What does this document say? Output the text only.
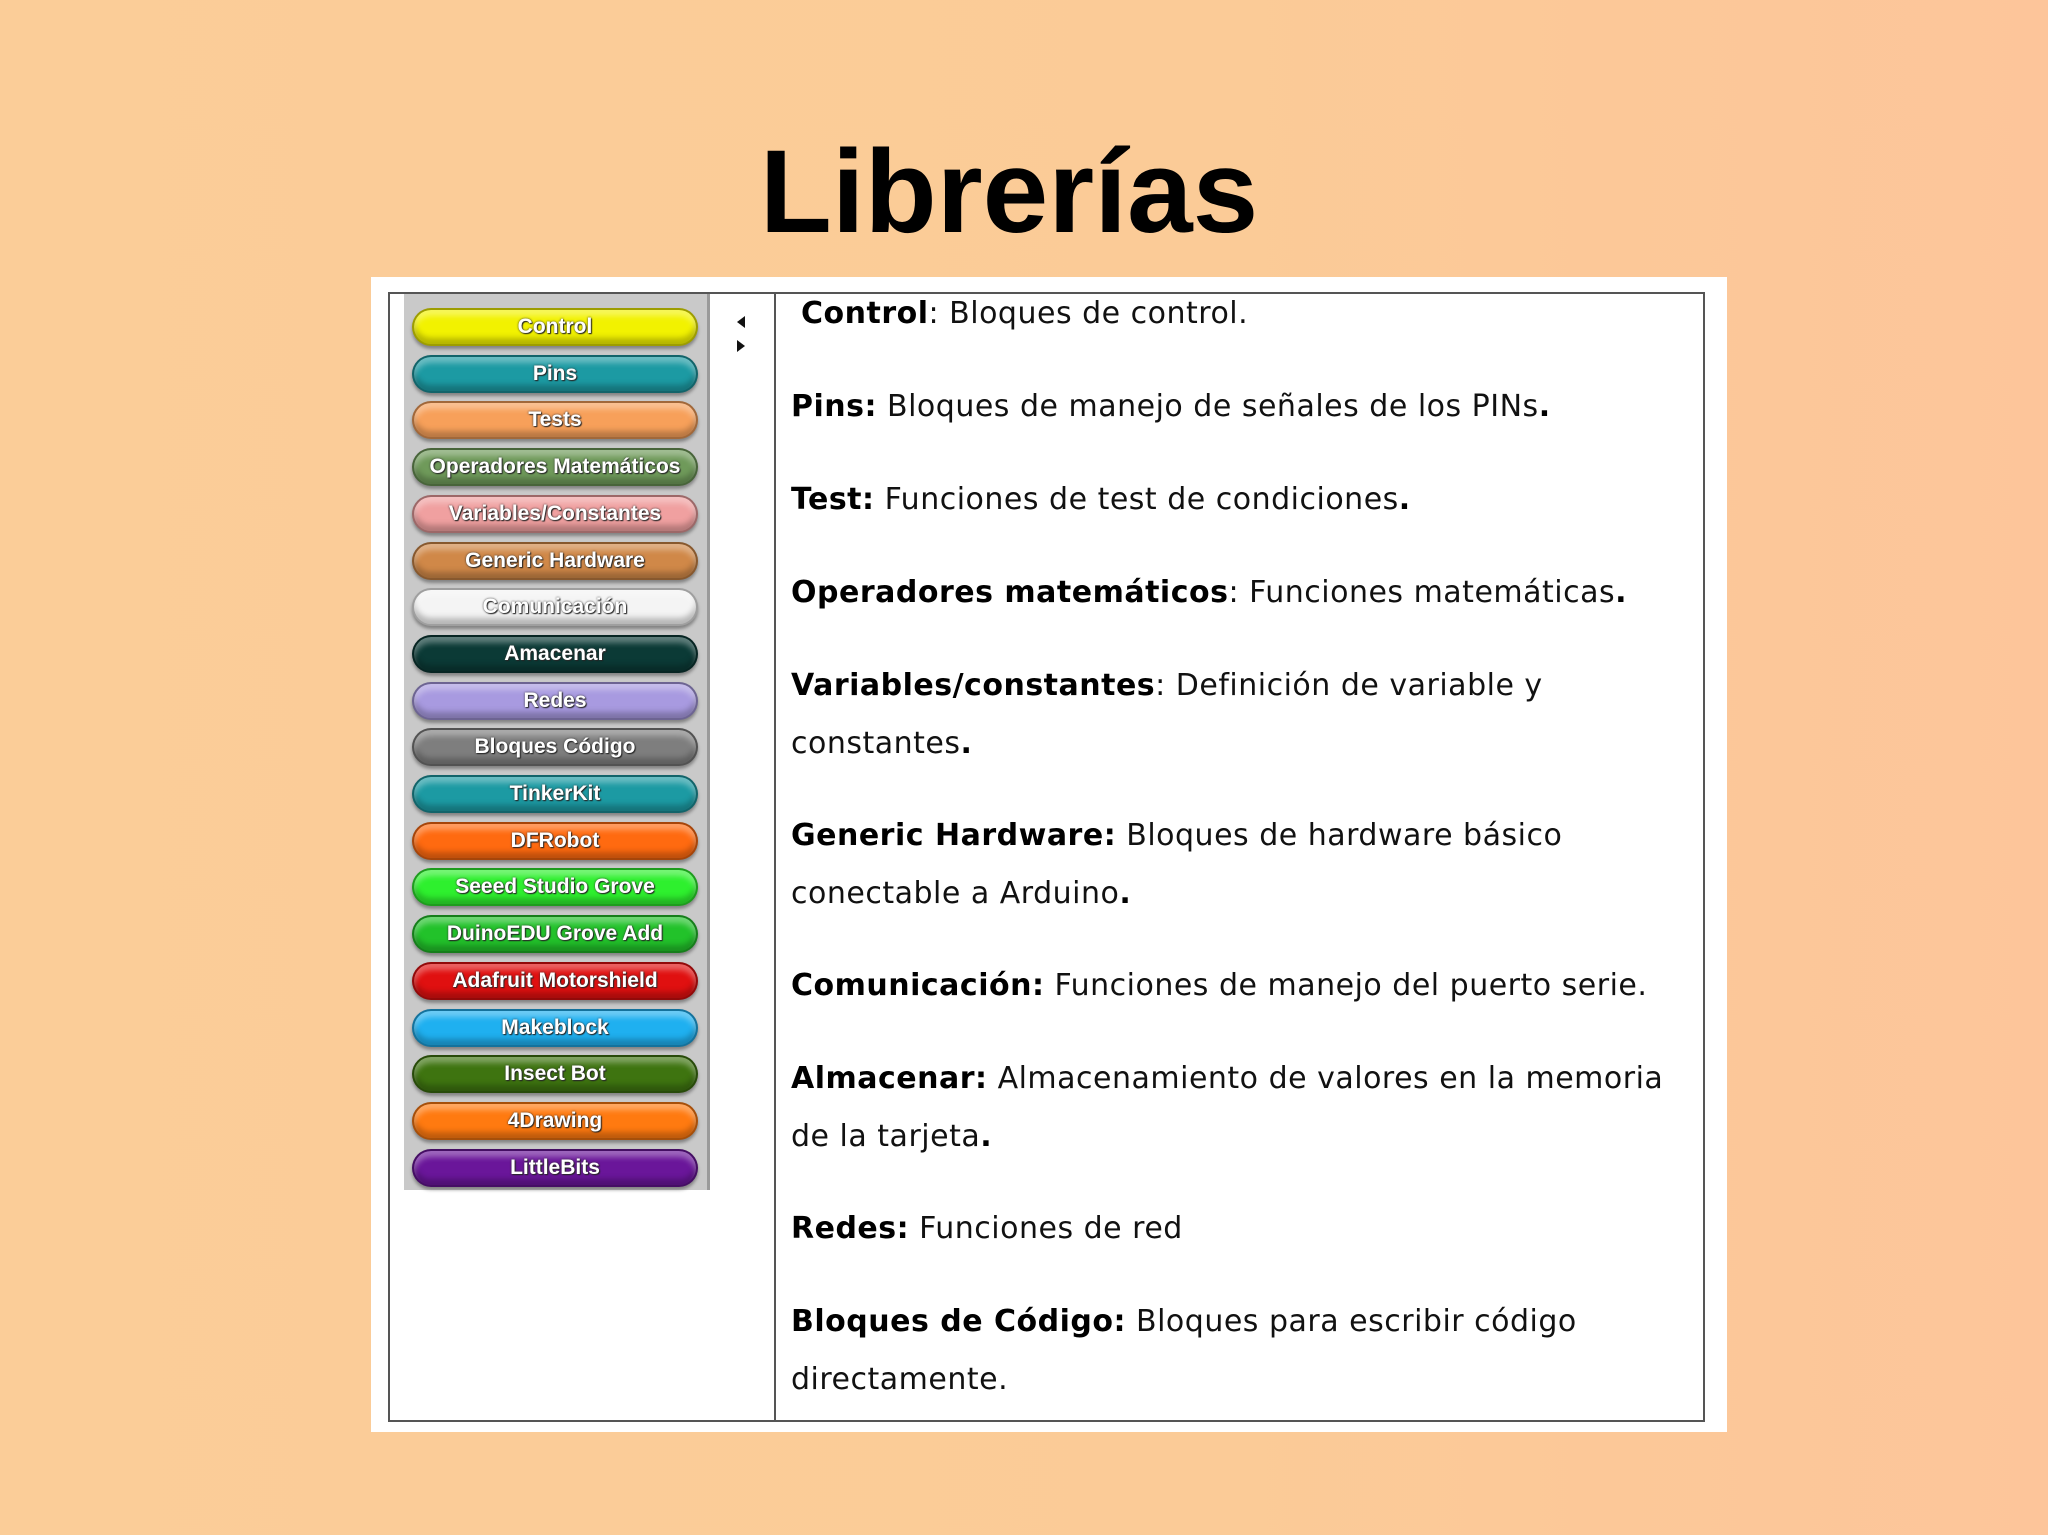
Librerías
Control
Pins
Tests
Operadores Matemáticos
Variables/Constantes
Generic Hardware
Comunicación
Amacenar
Redes
Bloques Código
TinkerKit
DFRobot
Seeed Studio Grove
DuinoEDU Grove Add
Adafruit Motorshield
Makeblock
Insect Bot
4Drawing
LittleBits
Control: Bloques de control.
Pins: Bloques de manejo de señales de los PINs.
Test: Funciones de test de condiciones.
Operadores matemáticos: Funciones matemáticas.
Variables/constantes: Definición de variable y constantes.
Generic Hardware: Bloques de hardware básico conectable a Arduino.
Comunicación: Funciones de manejo del puerto serie.
Almacenar: Almacenamiento de valores en la memoria de la tarjeta.
Redes: Funciones de red
Bloques de Código: Bloques para escribir código directamente.
